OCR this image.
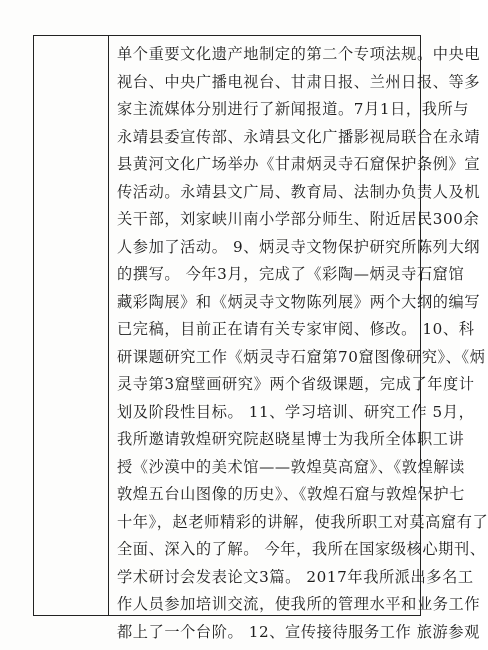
单个重要文化遗产地制定的第二个专项法规。中央电
视台、中央广播电视台、甘肃日报、兰州日报、等多
家主流媒体分别进行了新闻报道。7月1日，我所与
永靖县委宣传部、永靖县文化广播影视局联合在永靖
县黄河文化广场举办《甘肃炳灵寺石窟保护条例》宣
传活动。永靖县文广局、教育局、法制办负责人及机
关干部，刘家峡川南小学部分师生、附近居民300余
人参加了活动。 9、炳灵寺文物保护研究所陈列大纲
的撰写。 今年3月，完成了《彩陶—炳灵寺石窟馆
藏彩陶展》和《炳灵寺文物陈列展》两个大纲的编写
已完稿，目前正在请有关专家审阅、修改。 10、科
研课题研究工作《炳灵寺石窟第70窟图像研究》、《炳
灵寺第3窟壁画研究》两个省级课题，完成了年度计
划及阶段性目标。 11、学习培训、研究工作 5月，
我所邀请敦煌研究院赵晓星博士为我所全体职工讲
授《沙漠中的美术馆——敦煌莫高窟》、《敦煌解读
敦煌五台山图像的历史》、《敦煌石窟与敦煌保护七
十年》，赵老师精彩的讲解，使我所职工对莫高窟有了
全面、深入的了解。 今年，我所在国家级核心期刊、
学术研讨会发表论文3篇。 2017年我所派出多名工
作人员参加培训交流，使我所的管理水平和业务工作
都上了一个台阶。 12、宣传接待服务工作 旅游参观
